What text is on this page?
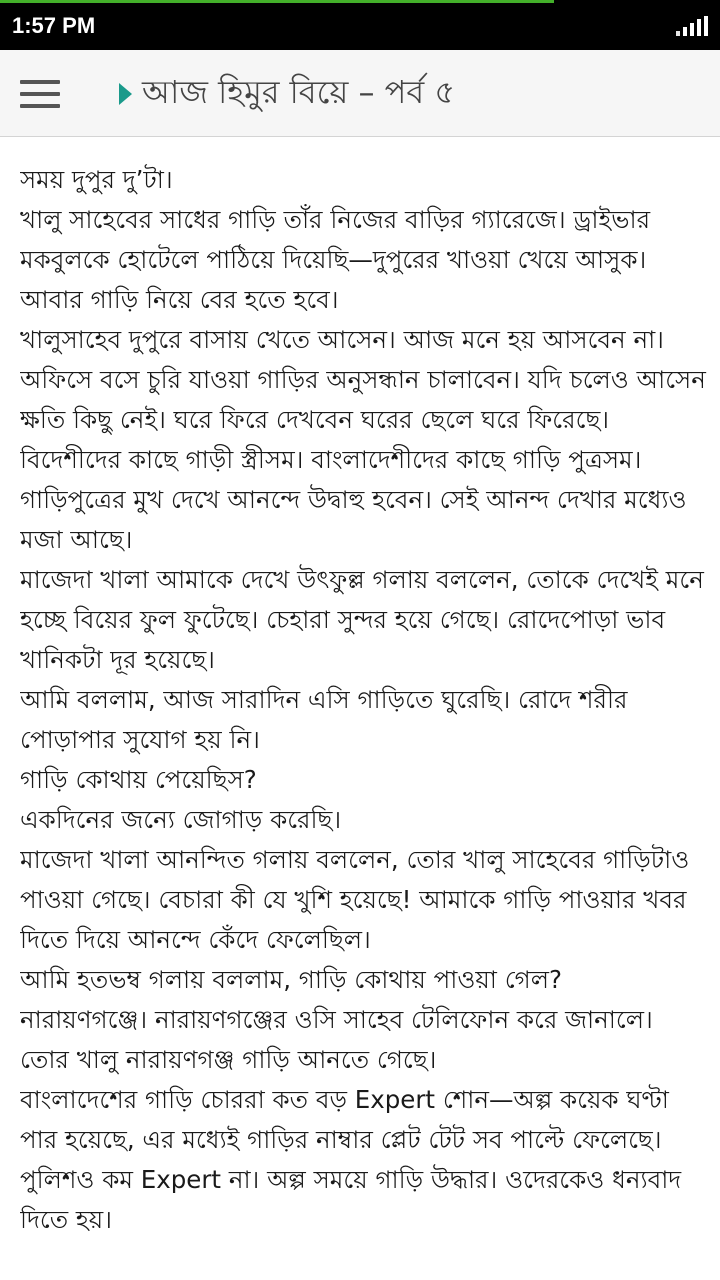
1:57 PM
আজ হিমুর বিয়ে – পর্ব ৫

সময় দুপুর দু’টা।

খালু সাহেবের সাধের গাড়ি তাঁর নিজের বাড়ির গ্যারেজে। ড্রাইভার মকবুলকে হোটেলে পাঠিয়ে দিয়েছি—দুপুরের খাওয়া খেয়ে আসুক। আবার গাড়ি নিয়ে বের হতে হবে।

খালুসাহেব দুপুরে বাসায় খেতে আসেন। আজ মনে হয় আসবেন না। অফিসে বসে চুরি যাওয়া গাড়ির অনুসন্ধান চালাবেন। যদি চলেও আসেন ক্ষতি কিছু নেই। ঘরে ফিরে দেখবেন ঘরের ছেলে ঘরে ফিরেছে। বিদেশীদের কাছে গাড়ী স্ত্রীসম। বাংলাদেশীদের কাছে গাড়ি পুত্রসম। গাড়িপুত্রের মুখ দেখে আনন্দে উদ্বাহু হবেন। সেই আনন্দ দেখার মধ্যেও মজা আছে।

মাজেদা খালা আমাকে দেখে উৎফুল্ল গলায় বললেন, তোকে দেখেই মনে হচ্ছে বিয়ের ফুল ফুটেছে। চেহারা সুন্দর হয়ে গেছে। রোদেপোড়া ভাব খানিকটা দূর হয়েছে।

আমি বললাম, আজ সারাদিন এসি গাড়িতে ঘুরেছি। রোদে শরীর পোড়াপার সুযোগ হয় নি।

গাড়ি কোথায় পেয়েছিস?

একদিনের জন্যে জোগাড় করেছি।

মাজেদা খালা আনন্দিত গলায় বললেন, তোর খালু সাহেবের গাড়িটাও পাওয়া গেছে। বেচারা কী যে খুশি হয়েছে! আমাকে গাড়ি পাওয়ার খবর দিতে দিয়ে আনন্দে কেঁদে ফেলেছিল।

আমি হতভম্ব গলায় বললাম, গাড়ি কোথায় পাওয়া গেল?

নারায়ণগঞ্জে। নারায়ণগঞ্জের ওসি সাহেব টেলিফোন করে জানালে। তোর খালু নারায়ণগঞ্জ গাড়ি আনতে গেছে।

বাংলাদেশের গাড়ি চোররা কত বড় Expert শোন—অল্প কয়েক ঘণ্টা পার হয়েছে, এর মধ্যেই গাড়ির নাম্বার প্লেট টেট সব পাল্টে ফেলেছে।

পুলিশও কম Expert না। অল্প সময়ে গাড়ি উদ্ধার। ওদেরকেও ধন্যবাদ দিতে হয়।
